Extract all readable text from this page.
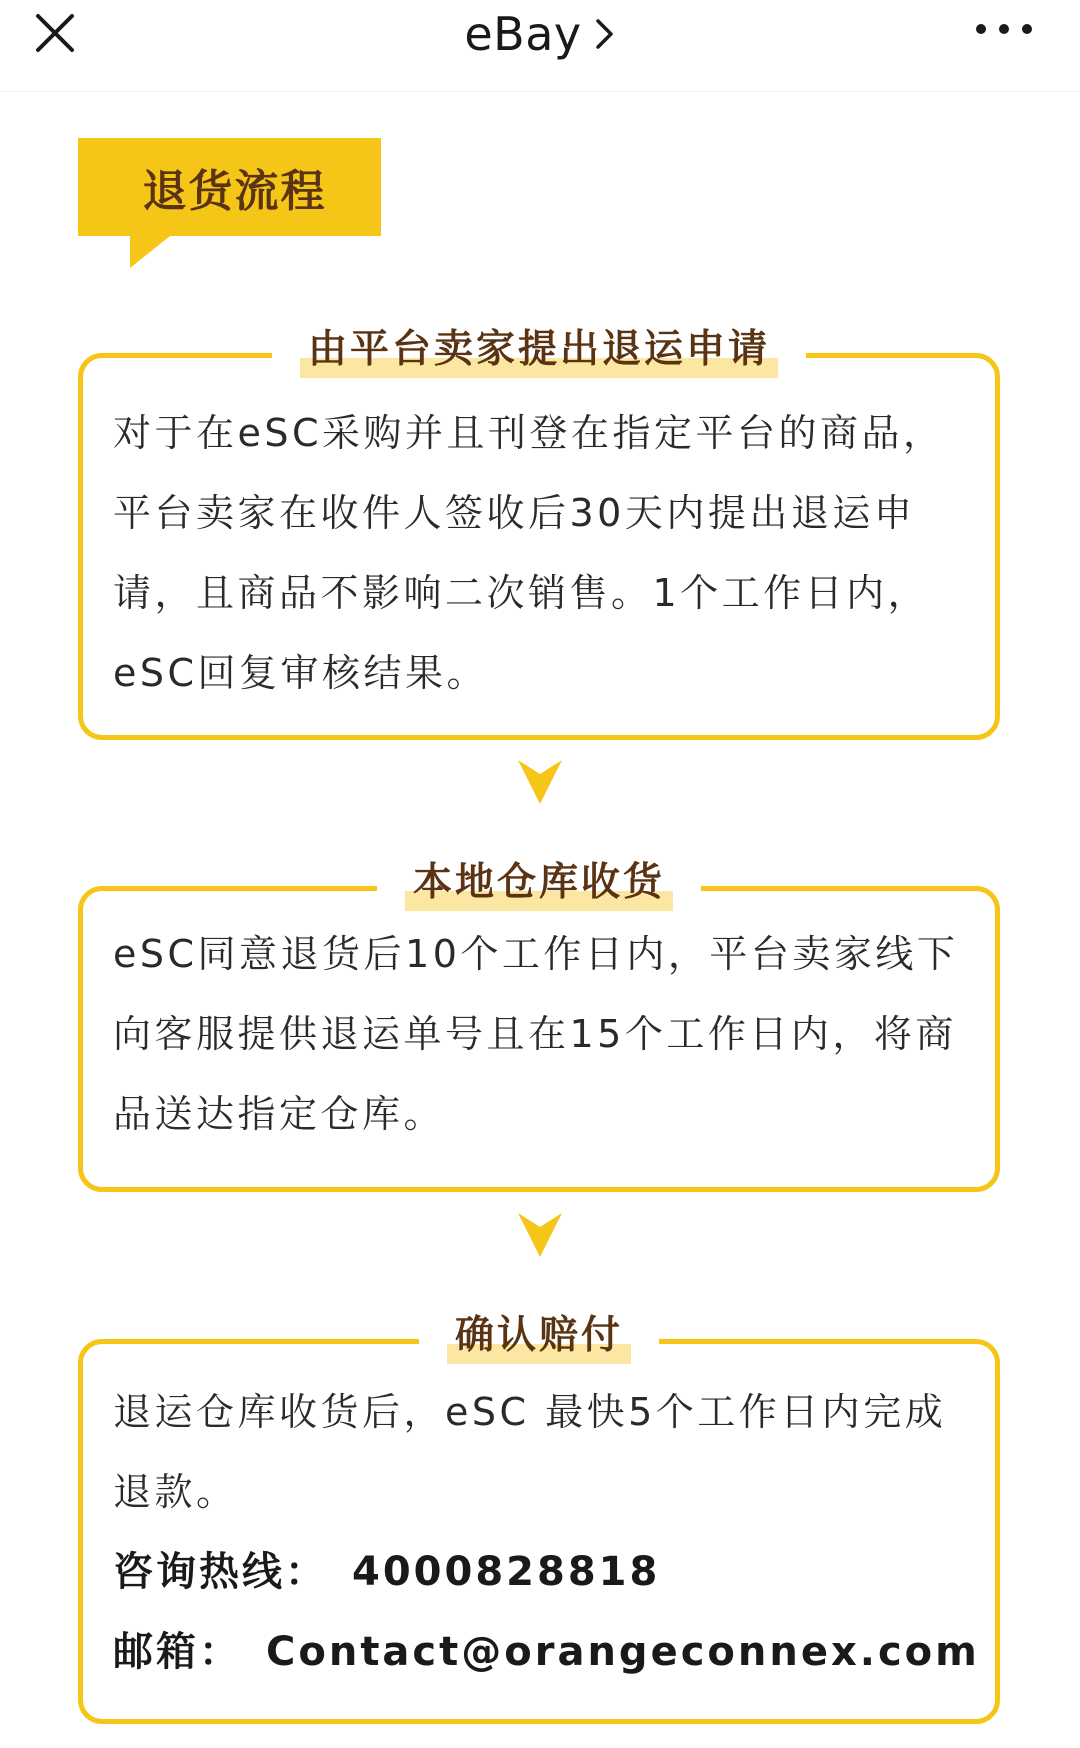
eBay
退货流程
由平台卖家提出退运申请
对于在eSC采购并且刊登在指定平台的商品，平台卖家在收件人签收后30天内提出退运申请，且商品不影响二次销售。1个工作日内，eSC回复审核结果。
本地仓库收货
eSC同意退货后10个工作日内，平台卖家线下向客服提供退运单号且在15个工作日内，将商品送达指定仓库。
确认赔付
退运仓库收货后，eSC 最快5个工作日内完成退款。
咨询热线： 4000828818
邮箱： Contact@orangeconnex.com
